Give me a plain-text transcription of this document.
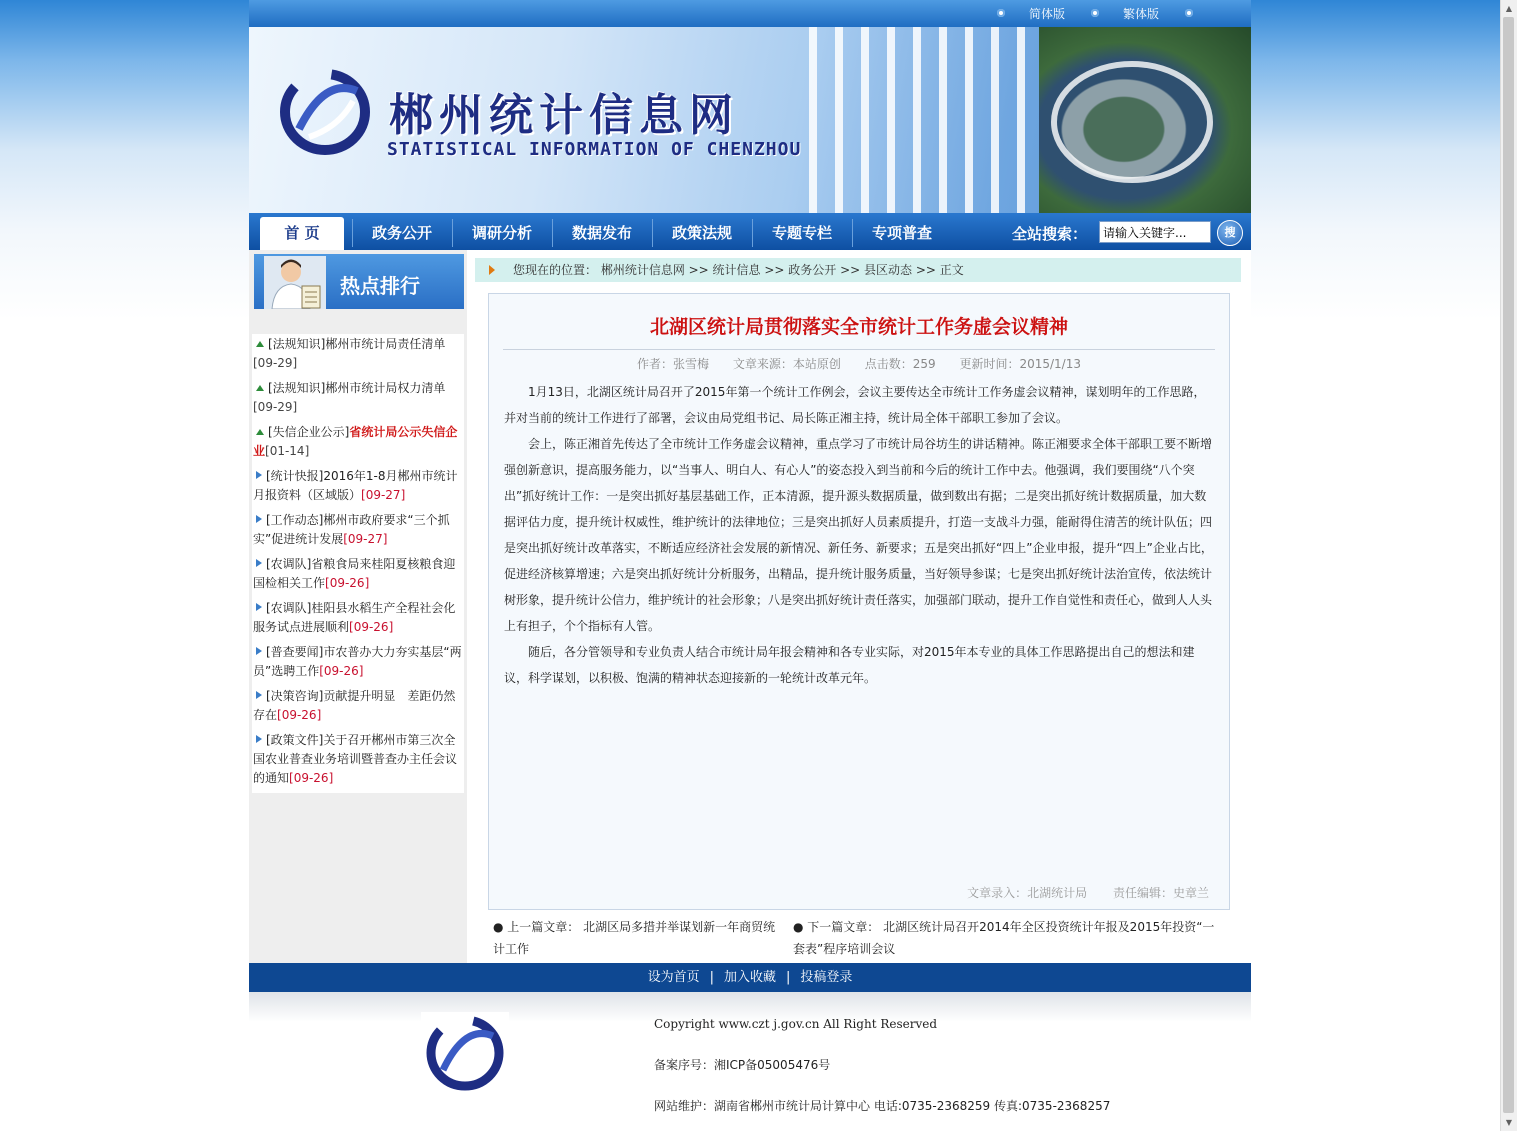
▲
▼
简体版	繁体版
郴州统计信息网
STATISTICAL INFORMATION OF CHENZHOU
首 页	政务公开	调研分析	数据发布	政策法规	专题专栏	专项普查	全站搜索：
请输入关键字...	搜
热点排行
[法规知识]郴州市统计局责任清单
[09-29]
[法规知识]郴州市统计局权力清单
[09-29]
[失信企业公示]省统计局公示失信企业[01-14]
[统计快报]2016年1-8月郴州市统计月报资料（区域版）[09-27]
[工作动态]郴州市政府要求“三个抓实”促进统计发展[09-27]
[农调队]省粮食局来桂阳夏核粮食迎国检相关工作[09-26]
[农调队]桂阳县水稻生产全程社会化服务试点进展顺利[09-26]
[普查要闻]市农普办大力夯实基层“两员”选聘工作[09-26]
[决策咨询]贡献提升明显　差距仍然存在[09-26]
[政策文件]关于召开郴州市第三次全国农业普查业务培训暨普查办主任会议的通知[09-26]
您现在的位置： 郴州统计信息网 >> 统计信息 >> 政务公开 >> 县区动态 >> 正文
北湖区统计局贯彻落实全市统计工作务虚会议精神
作者：张雪梅 文章来源：本站原创 点击数：259 更新时间：2015/1/13

1月13日，北湖区统计局召开了2015年第一个统计工作例会，会议主要传达全市统计工作务虚会议精神，谋划明年的工作思路，并对当前的统计工作进行了部署，会议由局党组书记、局长陈正湘主持，统计局全体干部职工参加了会议。

会上，陈正湘首先传达了全市统计工作务虚会议精神，重点学习了市统计局谷坊生的讲话精神。陈正湘要求全体干部职工要不断增强创新意识，提高服务能力，以“当事人、明白人、有心人”的姿态投入到当前和今后的统计工作中去。他强调，我们要围绕“八个突出”抓好统计工作：一是突出抓好基层基础工作，正本清源，提升源头数据质量，做到数出有据；二是突出抓好统计数据质量，加大数据评估力度，提升统计权威性，维护统计的法律地位；三是突出抓好人员素质提升，打造一支战斗力强，能耐得住清苦的统计队伍；四是突出抓好统计改革落实，不断适应经济社会发展的新情况、新任务、新要求；五是突出抓好“四上”企业申报，提升“四上”企业占比，促进经济核算增速；六是突出抓好统计分析服务，出精品，提升统计服务质量，当好领导参谋；七是突出抓好统计法治宣传，依法统计树形象，提升统计公信力，维护统计的社会形象；八是突出抓好统计责任落实，加强部门联动，提升工作自觉性和责任心，做到人人头上有担子，个个指标有人管。

随后，各分管领导和专业负责人结合市统计局年报会精神和各专业实际，对2015年本专业的具体工作思路提出自己的想法和建议，科学谋划，以积极、饱满的精神状态迎接新的一轮统计改革元年。

文章录入：北湖统计局 责任编辑：史章兰
● 上一篇文章： 北湖区局多措并举谋划新一年商贸统计工作
● 下一篇文章： 北湖区统计局召开2014年全区投资统计年报及2015年投资“一套表”程序培训会议
设为首页 | 加入收藏 | 投稿登录
Copyright www.czt j.gov.cn All Right Reserved
备案序号：湘ICP备05005476号
网站维护：湖南省郴州市统计局计算中心 电话:0735-2368259 传真:0735-2368257
